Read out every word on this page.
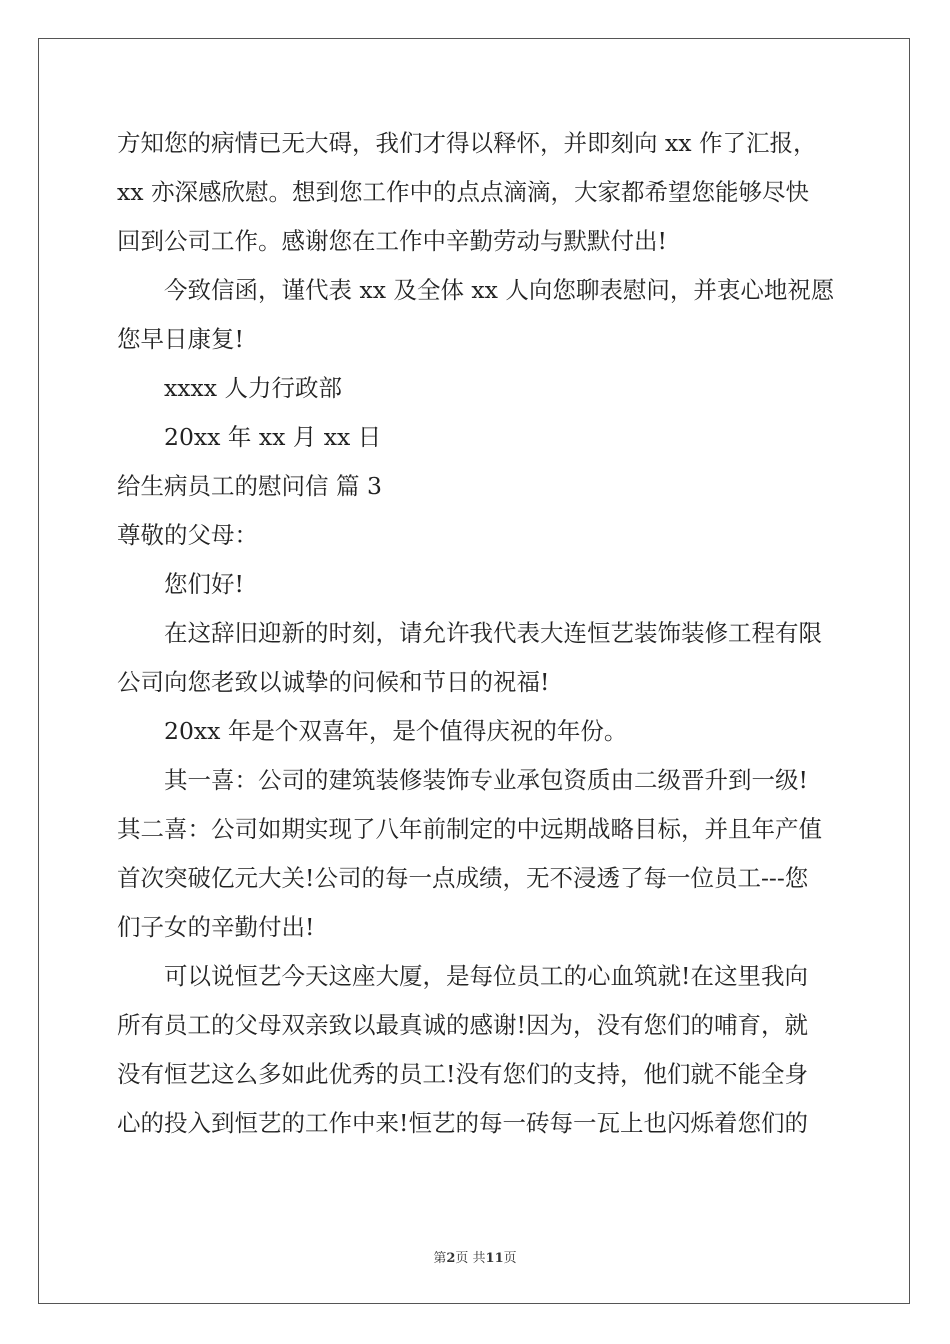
方知您的病情已无大碍，我们才得以释怀，并即刻向 xx 作了汇报，
xx 亦深感欣慰。想到您工作中的点点滴滴，大家都希望您能够尽快
回到公司工作。感谢您在工作中辛勤劳动与默默付出!
今致信函，谨代表 xx 及全体 xx 人向您聊表慰问，并衷心地祝愿
您早日康复!
xxxx 人力行政部
20xx 年 xx 月 xx 日
给生病员工的慰问信 篇 3
尊敬的父母：
您们好!
在这辞旧迎新的时刻，请允许我代表大连恒艺装饰装修工程有限
公司向您老致以诚挚的问候和节日的祝福!
20xx 年是个双喜年，是个值得庆祝的年份。
其一喜：公司的建筑装修装饰专业承包资质由二级晋升到一级!
其二喜：公司如期实现了八年前制定的中远期战略目标，并且年产值
首次突破亿元大关!公司的每一点成绩，无不浸透了每一位员工---您
们子女的辛勤付出!
可以说恒艺今天这座大厦，是每位员工的心血筑就!在这里我向
所有员工的父母双亲致以最真诚的感谢!因为，没有您们的哺育，就
没有恒艺这么多如此优秀的员工!没有您们的支持，他们就不能全身
心的投入到恒艺的工作中来!恒艺的每一砖每一瓦上也闪烁着您们的
第2页 共11页
